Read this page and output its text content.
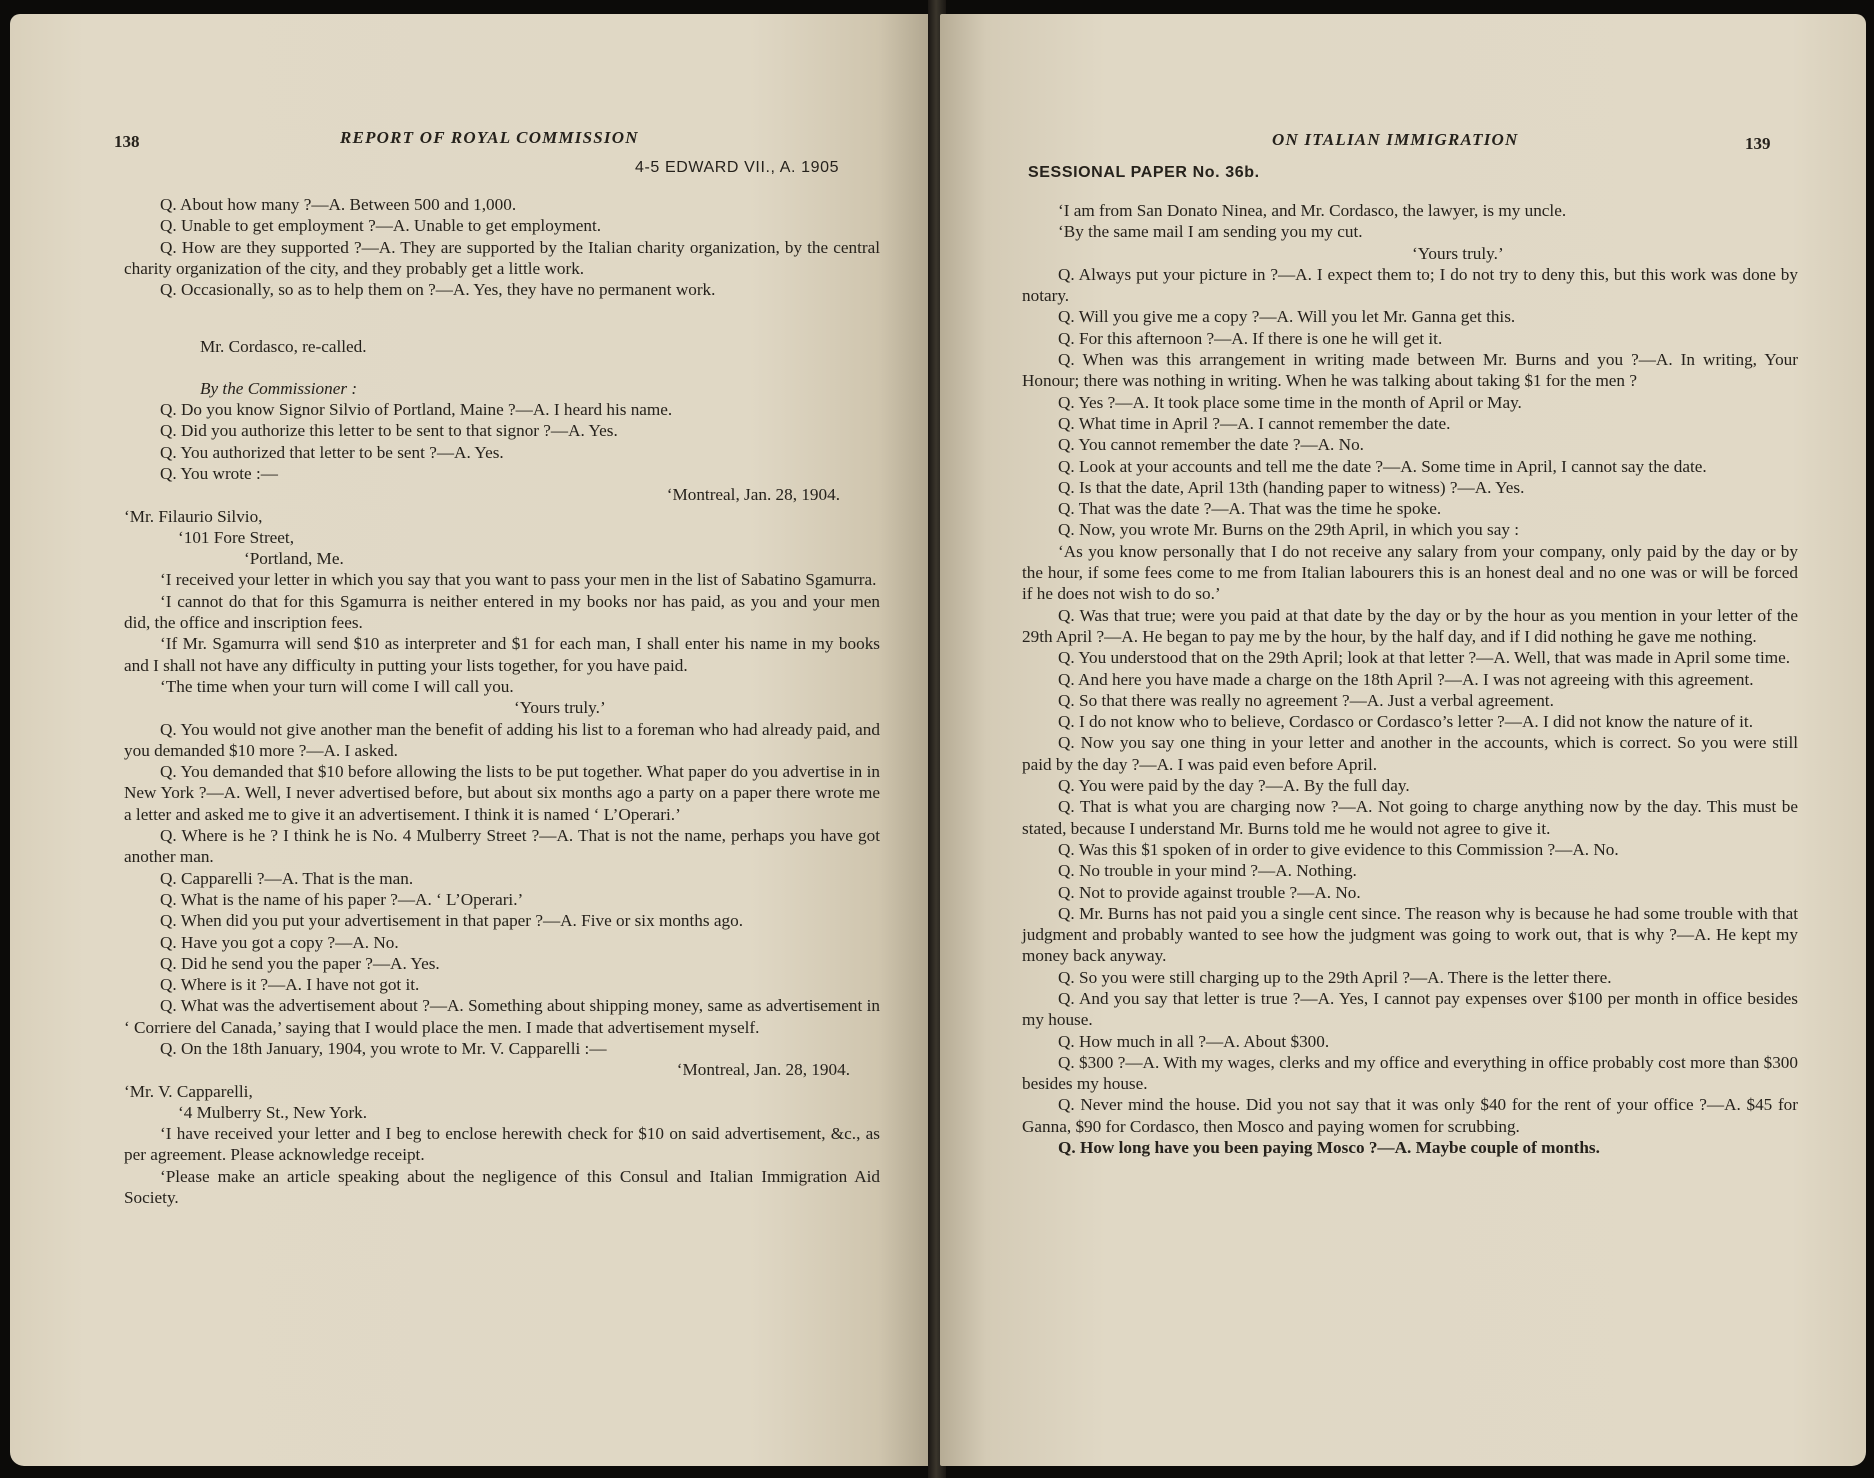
138	REPORT OF ROYAL COMMISSION
4-5 EDWARD VII., A. 1905

Q. About how many ?—A. Between 500 and 1,000.

Q. Unable to get employment ?—A. Unable to get employment.

Q. How are they supported ?—A. They are supported by the Italian charity organization, by the central charity organization of the city, and they probably get a little work.

Q. Occasionally, so as to help them on ?—A. Yes, they have no permanent work.

Mr. Cordasco, re-called.

By the Commissioner :

Q. Do you know Signor Silvio of Portland, Maine ?—A. I heard his name.

Q. Did you authorize this letter to be sent to that signor ?—A. Yes.

Q. You authorized that letter to be sent ?—A. Yes.

Q. You wrote :—

‘Montreal, Jan. 28, 1904.

‘Mr. Filaurio Silvio,

‘101 Fore Street,

‘Portland, Me.

‘I received your letter in which you say that you want to pass your men in the list of Sabatino Sgamurra.

‘I cannot do that for this Sgamurra is neither entered in my books nor has paid, as you and your men did, the office and inscription fees.

‘If Mr. Sgamurra will send $10 as interpreter and $1 for each man, I shall enter his name in my books and I shall not have any difficulty in putting your lists together, for you have paid.

‘The time when your turn will come I will call you.

‘Yours truly.’

Q. You would not give another man the benefit of adding his list to a foreman who had already paid, and you demanded $10 more ?—A. I asked.

Q. You demanded that $10 before allowing the lists to be put together. What paper do you advertise in in New York ?—A. Well, I never advertised before, but about six months ago a party on a paper there wrote me a letter and asked me to give it an advertisement. I think it is named ‘ L’Operari.’

Q. Where is he ? I think he is No. 4 Mulberry Street ?—A. That is not the name, perhaps you have got another man.

Q. Capparelli ?—A. That is the man.

Q. What is the name of his paper ?—A. ‘ L’Operari.’

Q. When did you put your advertisement in that paper ?—A. Five or six months ago.

Q. Have you got a copy ?—A. No.

Q. Did he send you the paper ?—A. Yes.

Q. Where is it ?—A. I have not got it.

Q. What was the advertisement about ?—A. Something about shipping money, same as advertisement in ‘ Corriere del Canada,’ saying that I would place the men. I made that advertisement myself.

Q. On the 18th January, 1904, you wrote to Mr. V. Capparelli :—

‘Montreal, Jan. 28, 1904.

‘Mr. V. Capparelli,

‘4 Mulberry St., New York.

‘I have received your letter and I beg to enclose herewith check for $10 on said advertisement, &c., as per agreement. Please acknowledge receipt.

‘Please make an article speaking about the negligence of this Consul and Italian Immigration Aid Society.

ON ITALIAN IMMIGRATION	139
SESSIONAL PAPER No. 36b.

‘I am from San Donato Ninea, and Mr. Cordasco, the lawyer, is my uncle.

‘By the same mail I am sending you my cut.

‘Yours truly.’

Q. Always put your picture in ?—A. I expect them to; I do not try to deny this, but this work was done by notary.

Q. Will you give me a copy ?—A. Will you let Mr. Ganna get this.

Q. For this afternoon ?—A. If there is one he will get it.

Q. When was this arrangement in writing made between Mr. Burns and you ?—A. In writing, Your Honour; there was nothing in writing. When he was talking about taking $1 for the men ?

Q. Yes ?—A. It took place some time in the month of April or May.

Q. What time in April ?—A. I cannot remember the date.

Q. You cannot remember the date ?—A. No.

Q. Look at your accounts and tell me the date ?—A. Some time in April, I cannot say the date.

Q. Is that the date, April 13th (handing paper to witness) ?—A. Yes.

Q. That was the date ?—A. That was the time he spoke.

Q. Now, you wrote Mr. Burns on the 29th April, in which you say :

‘As you know personally that I do not receive any salary from your company, only paid by the day or by the hour, if some fees come to me from Italian labourers this is an honest deal and no one was or will be forced if he does not wish to do so.’

Q. Was that true; were you paid at that date by the day or by the hour as you mention in your letter of the 29th April ?—A. He began to pay me by the hour, by the half day, and if I did nothing he gave me nothing.

Q. You understood that on the 29th April; look at that letter ?—A. Well, that was made in April some time.

Q. And here you have made a charge on the 18th April ?—A. I was not agreeing with this agreement.

Q. So that there was really no agreement ?—A. Just a verbal agreement.

Q. I do not know who to believe, Cordasco or Cordasco’s letter ?—A. I did not know the nature of it.

Q. Now you say one thing in your letter and another in the accounts, which is correct. So you were still paid by the day ?—A. I was paid even before April.

Q. You were paid by the day ?—A. By the full day.

Q. That is what you are charging now ?—A. Not going to charge anything now by the day. This must be stated, because I understand Mr. Burns told me he would not agree to give it.

Q. Was this $1 spoken of in order to give evidence to this Commission ?—A. No.

Q. No trouble in your mind ?—A. Nothing.

Q. Not to provide against trouble ?—A. No.

Q. Mr. Burns has not paid you a single cent since. The reason why is because he had some trouble with that judgment and probably wanted to see how the judgment was going to work out, that is why ?—A. He kept my money back anyway.

Q. So you were still charging up to the 29th April ?—A. There is the letter there.

Q. And you say that letter is true ?—A. Yes, I cannot pay expenses over $100 per month in office besides my house.

Q. How much in all ?—A. About $300.

Q. $300 ?—A. With my wages, clerks and my office and everything in office probably cost more than $300 besides my house.

Q. Never mind the house. Did you not say that it was only $40 for the rent of your office ?—A. $45 for Ganna, $90 for Cordasco, then Mosco and paying women for scrubbing.

Q. How long have you been paying Mosco ?—A. Maybe couple of months.
